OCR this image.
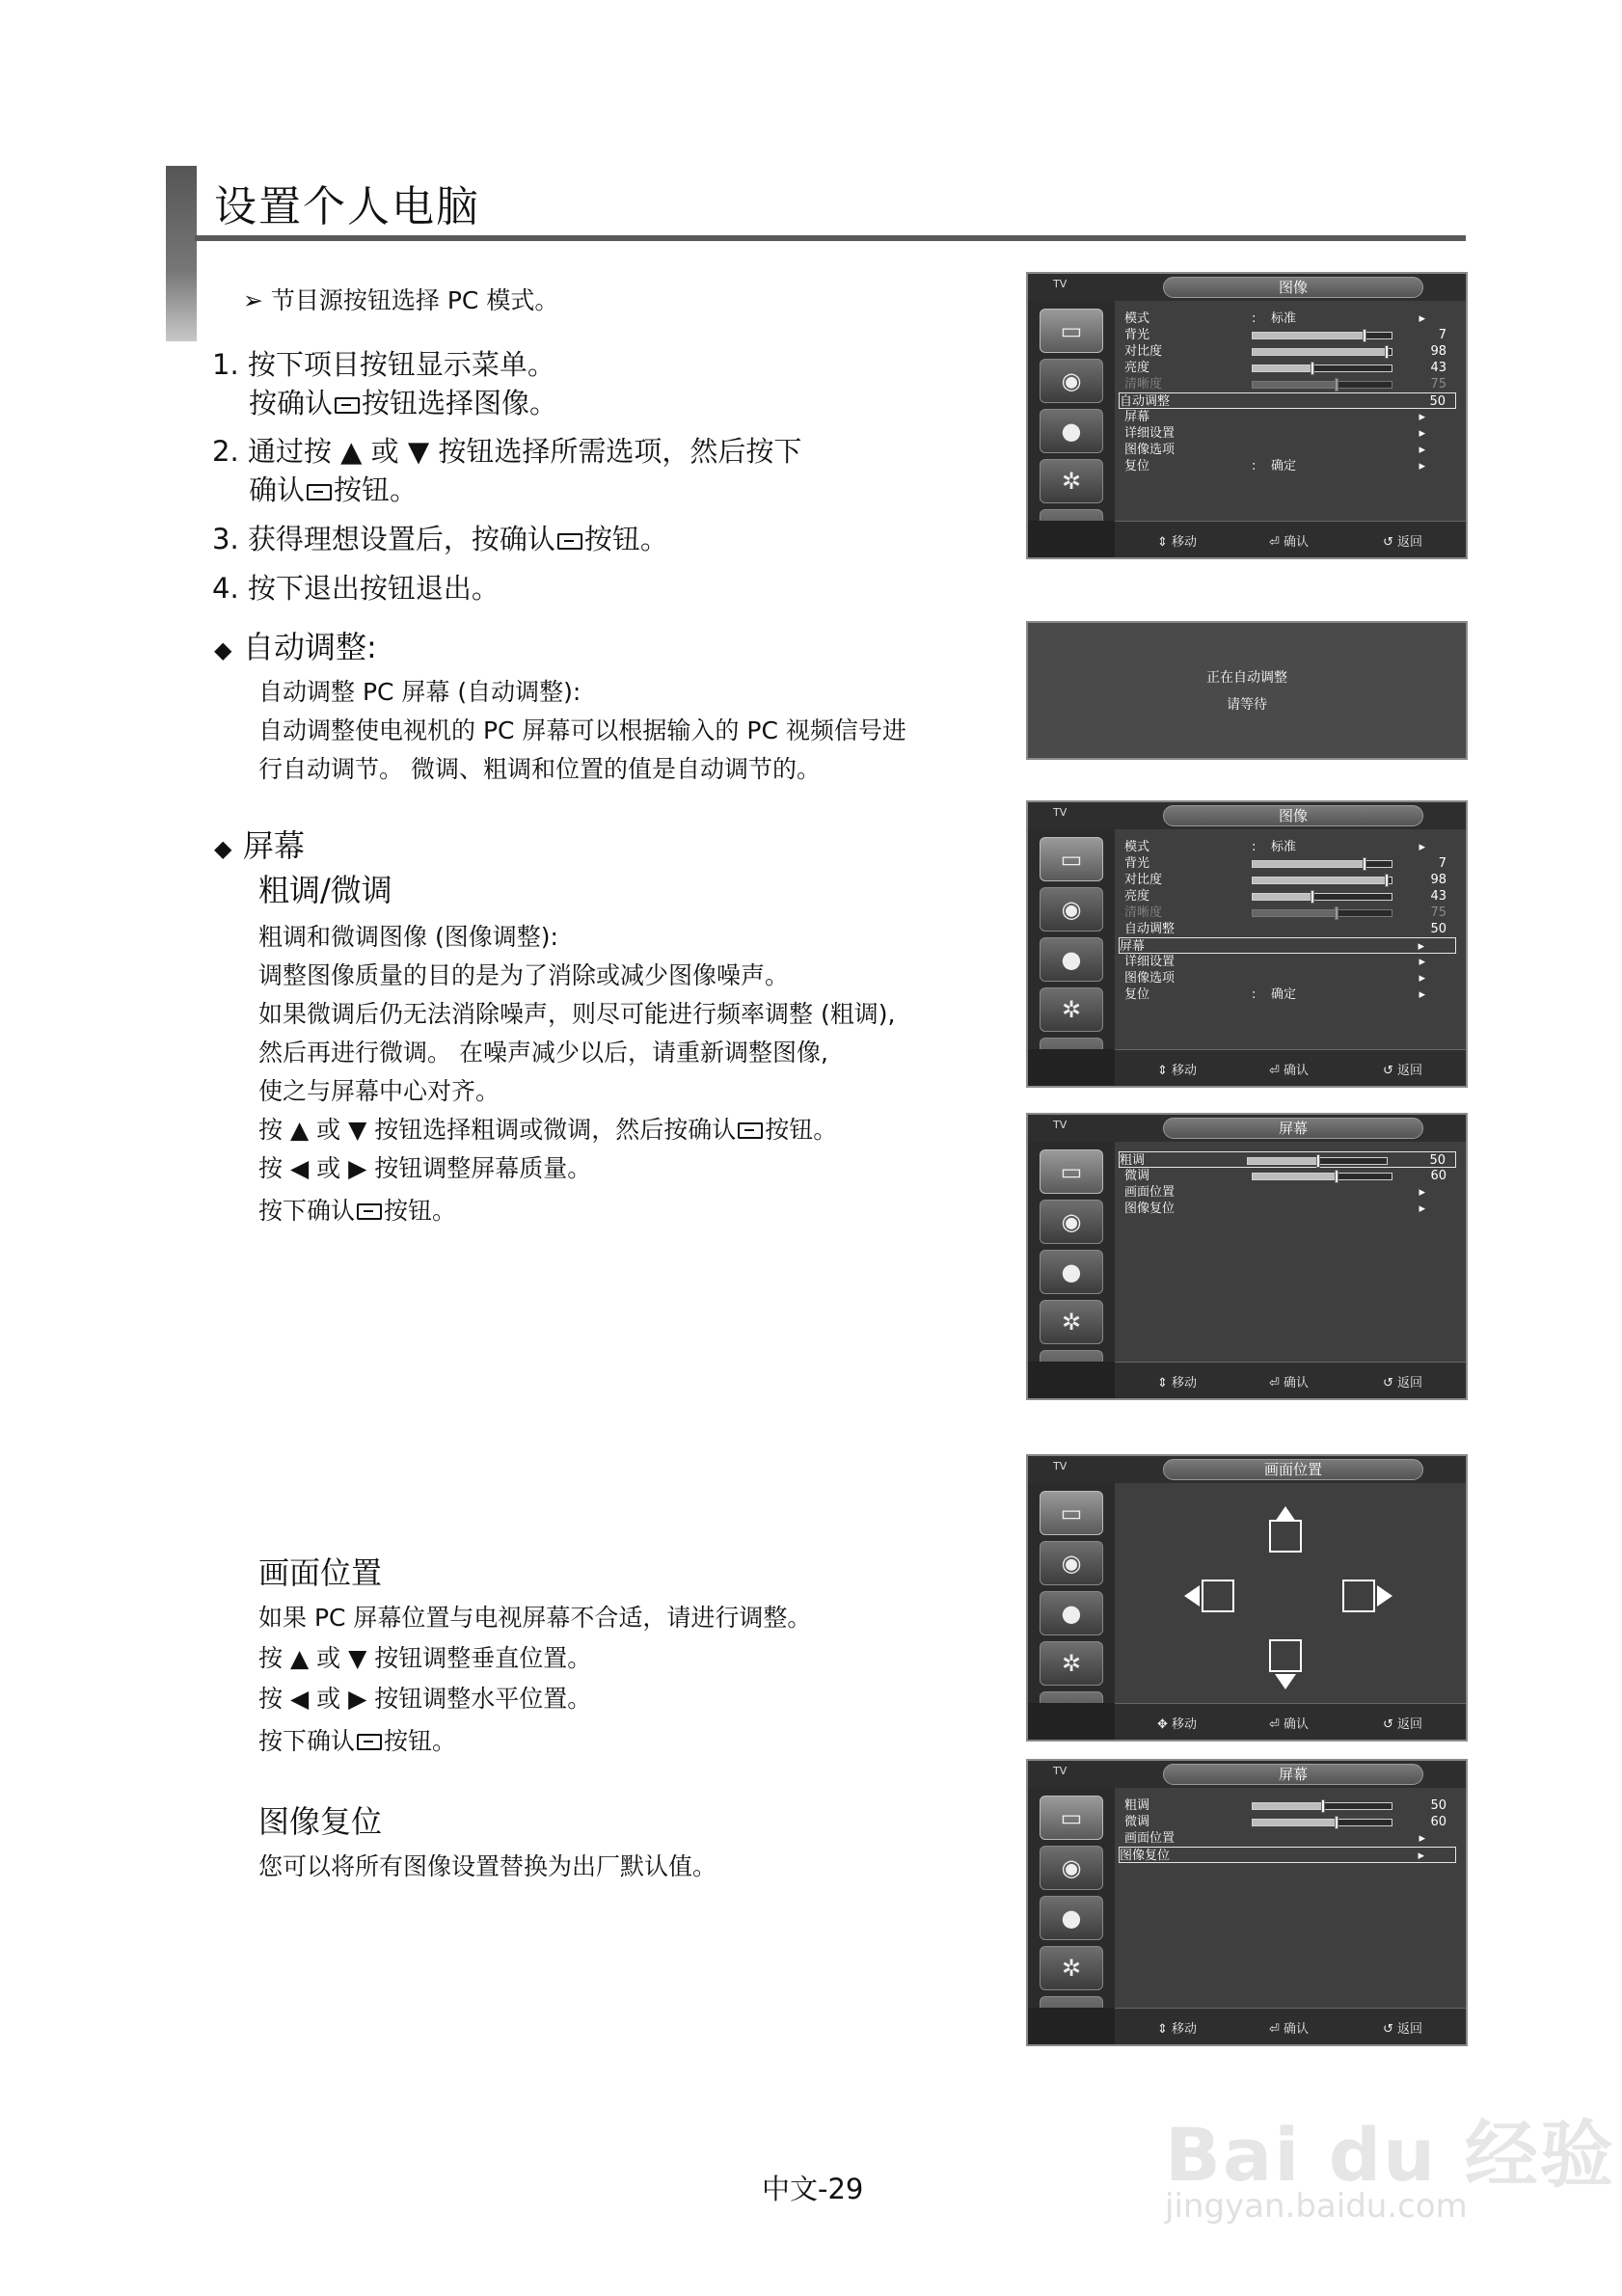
设置个人电脑
➢ 节目源按钮选择 PC 模式。
1. 按下项目按钮显示菜单。
按确认 按钮选择图像。
2. 通过按 ▲ 或 ▼ 按钮选择所需选项，然后按下
确认 按钮。
3. 获得理想设置后，按确认 按钮。
4. 按下退出按钮退出。
◆ 自动调整:
自动调整 PC 屏幕 (自动调整):
自动调整使电视机的 PC 屏幕可以根据输入的 PC 视频信号进
行自动调节。 微调、粗调和位置的值是自动调节的。
◆ 屏幕
粗调/微调
粗调和微调图像 (图像调整):
调整图像质量的目的是为了消除或减少图像噪声。
如果微调后仍无法消除噪声，则尽可能进行频率调整 (粗调),
然后再进行微调。 在噪声减少以后，请重新调整图像,
使之与屏幕中心对齐。
按 ▲ 或 ▼ 按钮选择粗调或微调，然后按确认 按钮。
按 ◀ 或 ▶ 按钮调整屏幕质量。
按下确认 按钮。
画面位置
如果 PC 屏幕位置与电视屏幕不合适，请进行调整。
按 ▲ 或 ▼ 按钮调整垂直位置。
按 ◀ 或 ▶ 按钮调整水平位置。
按下确认 按钮。
图像复位
您可以将所有图像设置替换为出厂默认值。
TV	图像
▭
◉
●
✲
模式	: 标准	▸
背光	7
对比度	98
亮度	43
清晰度	75
自动调整	50
屏幕	▸
详细设置	▸
图像选项	▸
复位	: 确定	▸
⇕ 移动	⏎ 确认	↺ 返回
正在自动调整
请等待
TV	图像
▭
◉
●
✲
模式	: 标准	▸
背光	7
对比度	98
亮度	43
清晰度	75
自动调整	50
屏幕	▸
详细设置	▸
图像选项	▸
复位	: 确定	▸
⇕ 移动	⏎ 确认	↺ 返回
TV	屏幕
▭
◉
●
✲
粗调	50
微调	60
画面位置	▸
图像复位	▸
⇕ 移动	⏎ 确认	↺ 返回
TV	画面位置
▭
◉
●
✲
✥ 移动	⏎ 确认	↺ 返回
TV	屏幕
▭
◉
●
✲
粗调	50
微调	60
画面位置	▸
图像复位	▸
⇕ 移动	⏎ 确认	↺ 返回
中文-29	Bai du 经验
jingyan.baidu.com
